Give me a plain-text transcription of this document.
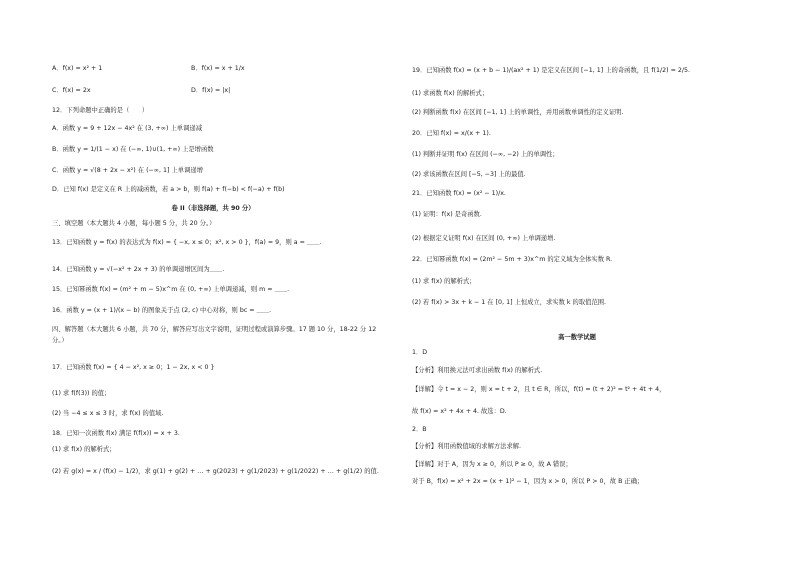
A．f(x) = x² + 1	B．f(x) = x + 1/x
C．f(x) = 2x	D．f(x) = |x|
12．下列命题中正确的是（　　）
A．函数 y = 9 + 12x − 4x² 在 (3, +∞) 上单调递减
B．函数 y = 1/(1 − x) 在 (−∞, 1)∪(1, +∞) 上是增函数
C．函数 y = √(8 + 2x − x²) 在 (−∞, 1] 上单调递增
D．已知 f(x) 是定义在 R 上的减函数，若 a > b，则 f(a) + f(−b) < f(−a) + f(b)
卷 II（非选择题，共 90 分）
三、填空题（本大题共 4 小题，每小题 5 分，共 20 分。）
13．已知函数 y = f(x) 的表达式为 f(x) = { −x, x ≤ 0；x², x > 0 }，f(a) = 9，则 a = ＿＿.
14．已知函数 y = √(−x² + 2x + 3) 的单调递增区间为＿＿.
15．已知幂函数 f(x) = (m² + m − 5)x^m 在 (0, +∞) 上单调递减，则 m = ＿＿.
16．函数 y = (x + 1)/(x − b) 的图象关于点 (2, c) 中心对称，则 bc = ＿＿.
四、解答题（本大题共 6 小题，共 70 分，解答应写出文字说明，证明过程或演算步骤。17 题 10 分，18-22 分 12
分。）
17．已知函数 f(x) = { 4 − x², x ≥ 0；1 − 2x, x < 0 }
(1) 求 f(f(3)) 的值；
(2) 当 −4 ≤ x ≤ 3 时，求 f(x) 的值域.
18．已知一次函数 f(x) 满足 f(f(x)) = x + 3.
(1) 求 f(x) 的解析式；
(2) 若 g(x) = x / (f(x) − 1/2)，求 g(1) + g(2) + … + g(2023) + g(1/2023) + g(1/2022) + … + g(1/2) 的值.
19．已知函数 f(x) = (x + b − 1)/(ax² + 1) 是定义在区间 [−1, 1] 上的奇函数，且 f(1/2) = 2/5.
(1) 求函数 f(x) 的解析式；
(2) 判断函数 f(x) 在区间 [−1, 1] 上的单调性，并用函数单调性的定义证明.
20．已知 f(x) = x/(x + 1).
(1) 判断并证明 f(x) 在区间 (−∞, −2) 上的单调性；
(2) 求该函数在区间 [−5, −3] 上的最值.
21．已知函数 f(x) = (x² − 1)/x.
(1) 证明：f(x) 是奇函数.
(2) 根据定义证明 f(x) 在区间 (0, +∞) 上单调递增.
22．已知幂函数 f(x) = (2m² − 5m + 3)x^m 的定义域为全体实数 R.
(1) 求 f(x) 的解析式；
(2) 若 f(x) > 3x + k − 1 在 [0, 1] 上恒成立，求实数 k 的取值范围.
高一数学试题
1．D
【分析】利用换元法可求出函数 f(x) 的解析式.
【详解】令 t = x − 2，则 x = t + 2，且 t ∈ R，所以，f(t) = (t + 2)² = t² + 4t + 4，
故 f(x) = x² + 4x + 4. 故选：D.
2．B
【分析】利用函数值域的求解方法求解.
【详解】对于 A，因为 x ≥ 0，所以 P ≥ 0，故 A 错误；
对于 B，f(x) = x² + 2x = (x + 1)² − 1，因为 x > 0，所以 P > 0，故 B 正确；
